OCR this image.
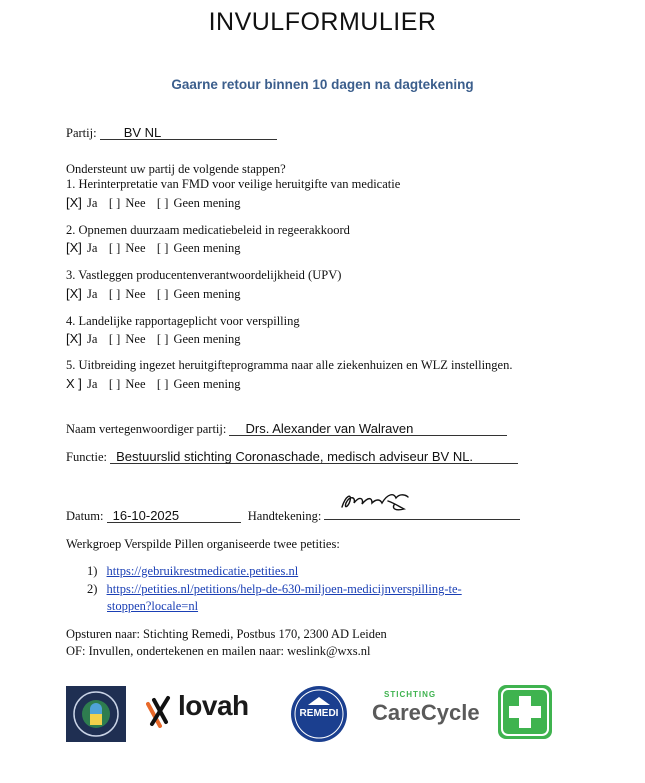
INVULFORMULIER
Gaarne retour binnen 10 dagen na dagtekening
Partij: BV NL
Ondersteunt uw partij de volgende stappen?
1. Herinterpretatie van FMD voor veilige heruitgifte van medicatie
[X] Ja [ ] Nee [ ] Geen mening
2. Opnemen duurzaam medicatiebeleid in regeerakkoord
[X] Ja [ ] Nee [ ] Geen mening
3. Vastleggen producentenverantwoordelijkheid (UPV)
[X] Ja [ ] Nee [ ] Geen mening
4. Landelijke rapportageplicht voor verspilling
[X] Ja [ ] Nee [ ] Geen mening
5. Uitbreiding ingezet heruitgifteprogramma naar alle ziekenhuizen en WLZ instellingen.
X ] Ja [ ] Nee [ ] Geen mening
Naam vertegenwoordiger partij: Drs. Alexander van Walraven
Functie: Bestuurslid stichting Coronaschade, medisch adviseur BV NL.
Datum: 16-10-2025	Handtekening:
Werkgroep Verspilde Pillen organiseerde twee petities:
1) https://gebruikrestmedicatie.petities.nl
2) https://petities.nl/petitions/help-de-630-miljoen-medicijnverspilling-te-
stoppen?locale=nl
Opsturen naar: Stichting Remedi, Postbus 170, 2300 AD Leiden
OF: Invullen, ondertekenen en mailen naar: weslink@wxs.nl
lovah	REMEDI
STICHTING
CareCycle
